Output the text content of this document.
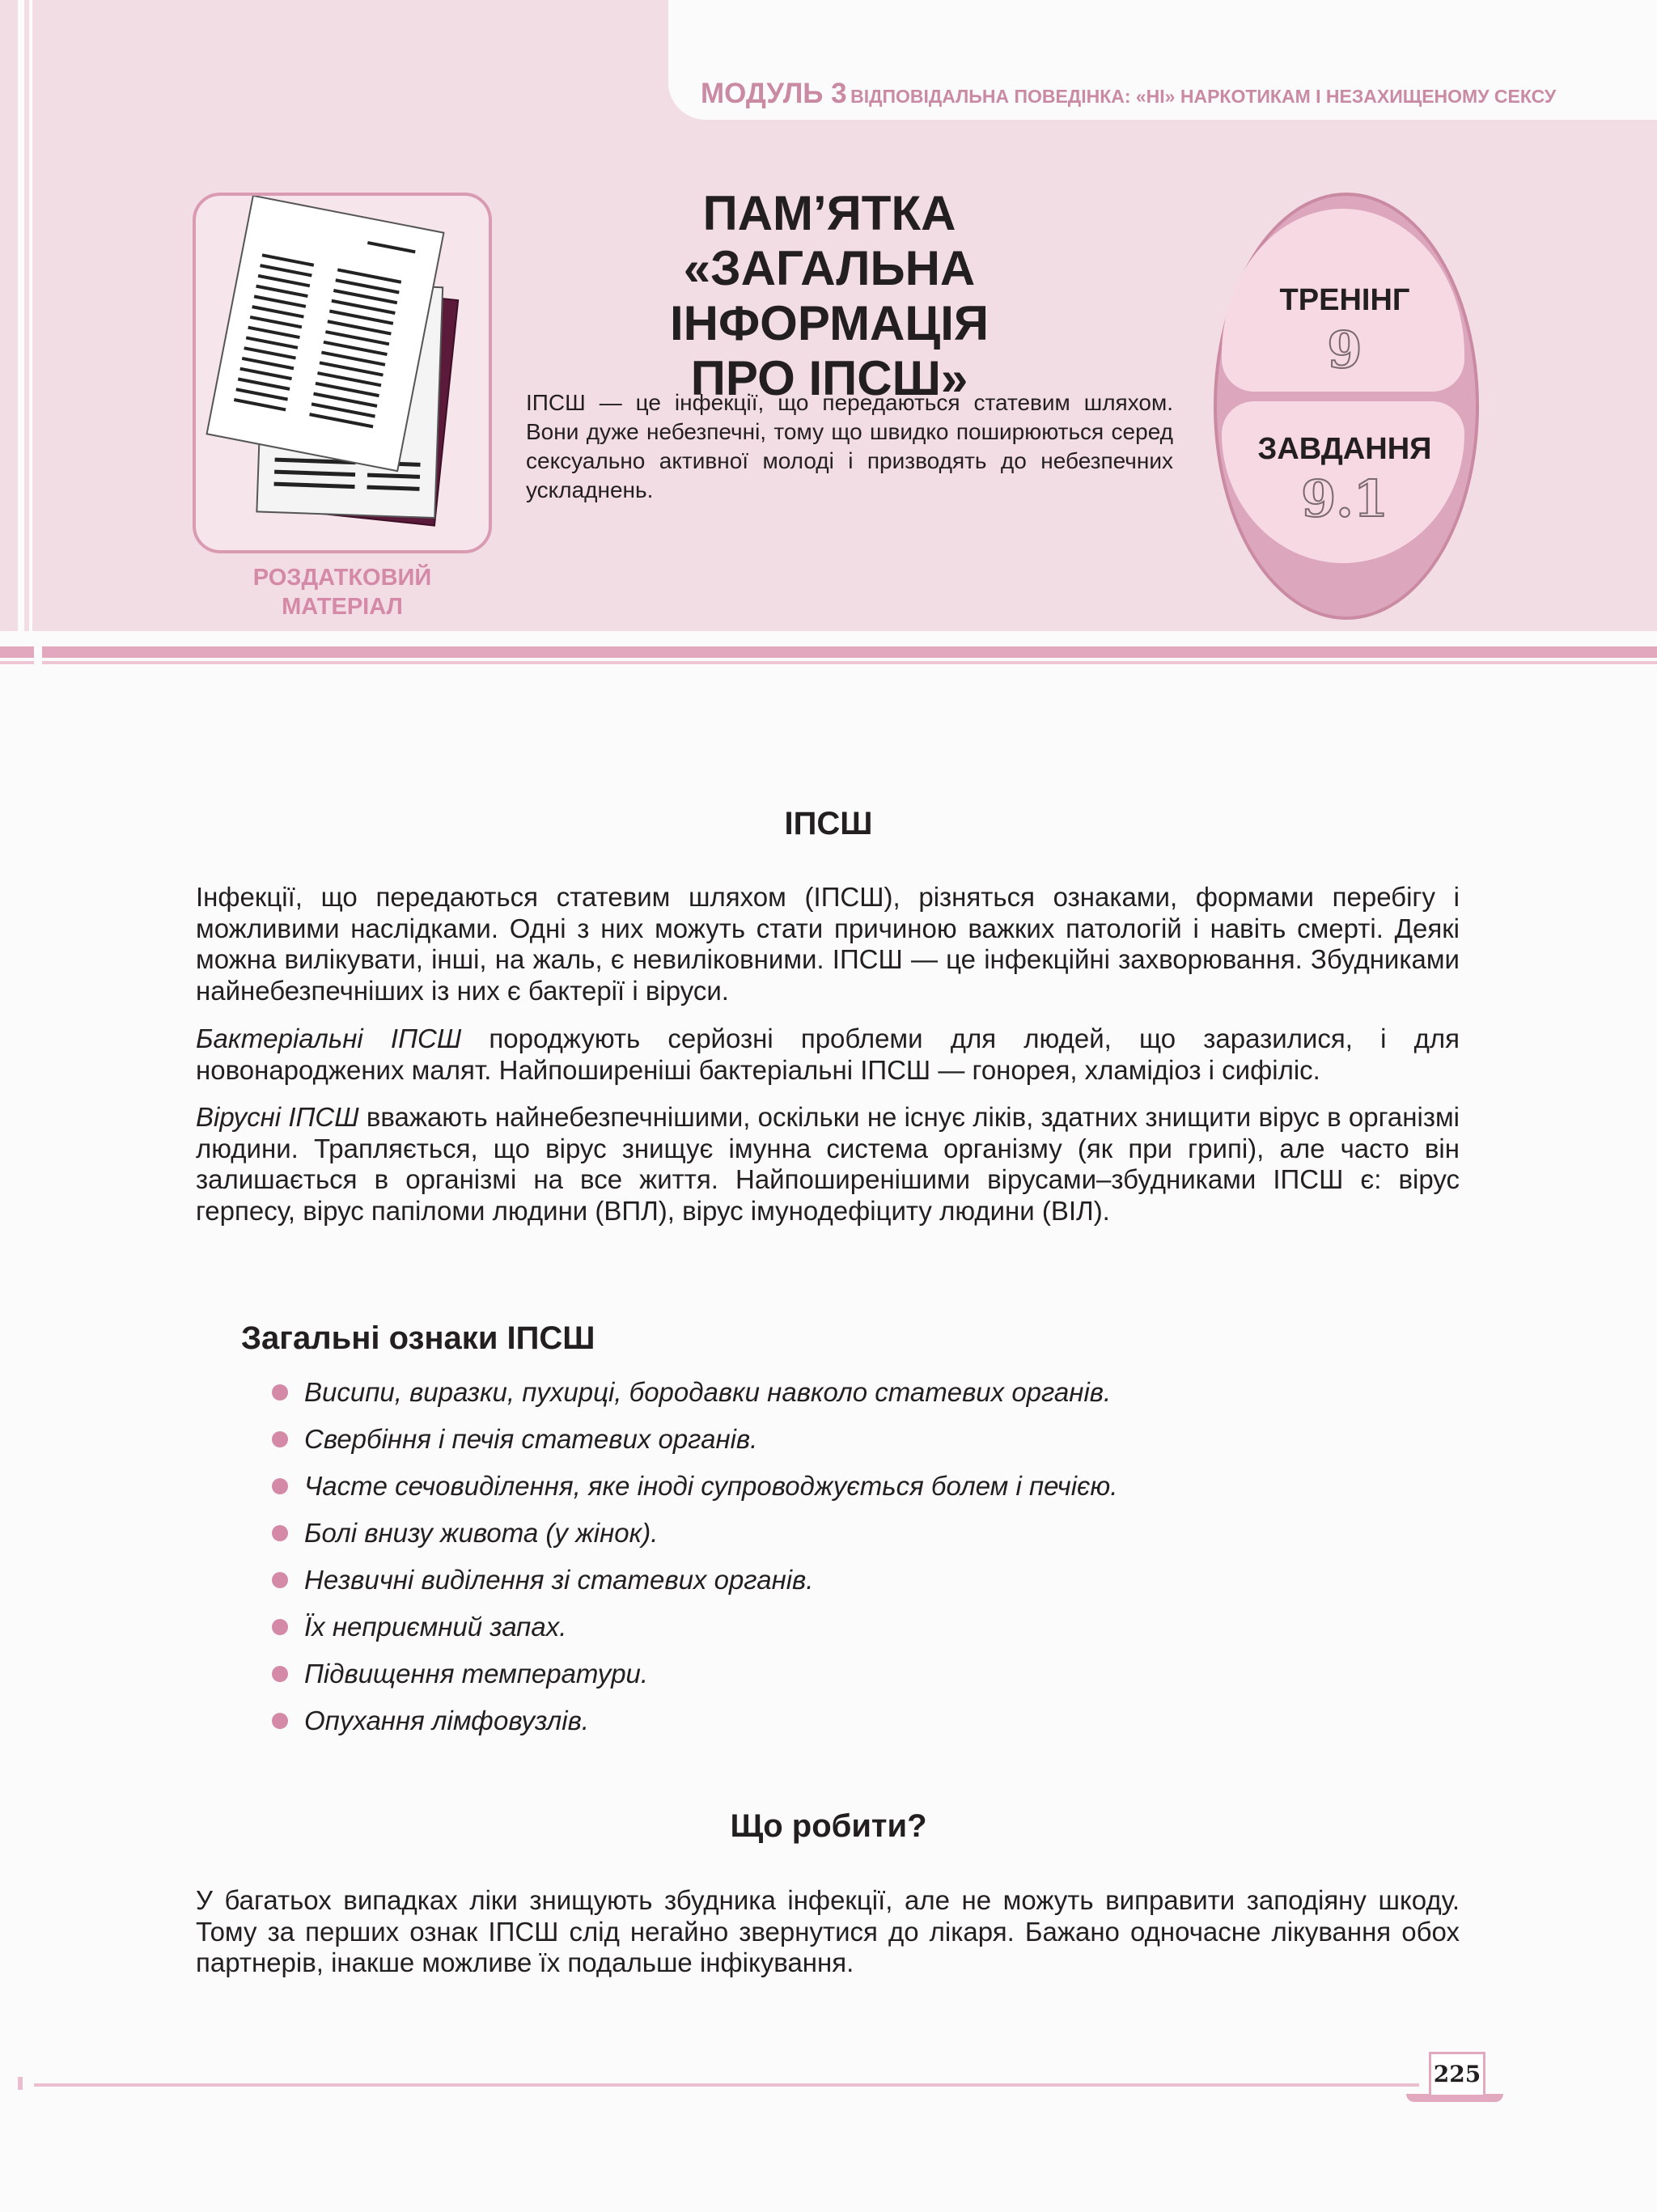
МОДУЛЬ 3 ВІДПОВІДАЛЬНА ПОВЕДІНКА: «НІ» НАРКОТИКАМ І НЕЗАХИЩЕНОМУ СЕКСУ
РОЗДАТКОВИЙ
МАТЕРІАЛ
ПАМ’ЯТКА
«ЗАГАЛЬНА ІНФОРМАЦІЯ
ПРО ІПСШ»

ІПСШ — це інфекції, що передаються статевим шляхом. Вони дуже небезпечні, тому що швидко поширюються серед сексуально активної молоді і призводять до небезпечних ускладнень.

ТРЕНІНГ
9
ЗАВДАННЯ
9.1
ІПСШ

Інфекції, що передаються статевим шляхом (ІПСШ), різняться ознаками, формами перебігу і можливими наслідками. Одні з них можуть стати причиною важких патологій і навіть смерті. Деякі можна вилікувати, інші, на жаль, є невиліковними. ІПСШ — це інфекційні захворювання. Збудниками найнебезпечніших із них є бактерії і віруси.

Бактеріальні ІПСШ породжують серйозні проблеми для людей, що заразилися, і для новонароджених малят. Найпоширеніші бактеріальні ІПСШ — гонорея, хламідіоз і сифіліс.

Вірусні ІПСШ вважають найнебезпечнішими, оскільки не існує ліків, здатних знищити вірус в організмі людини. Трапляється, що вірус знищує імунна система організму (як при грипі), але часто він залишається в організмі на все життя. Найпоширенішими вірусами–збудниками ІПСШ є: вірус герпесу, вірус папіломи людини (ВПЛ), вірус імунодефіциту людини (ВІЛ).

Загальні ознаки ІПСШ
Висипи, виразки, пухирці, бородавки навколо статевих органів.
Свербіння і печія статевих органів.
Часте сечовиділення, яке іноді супроводжується болем і печією.
Болі внизу живота (у жінок).
Незвичні виділення зі статевих органів.
Їх неприємний запах.
Підвищення температури.
Опухання лімфовузлів.
Що робити?

У багатьох випадках ліки знищують збудника інфекції, але не можуть виправити заподіяну шкоду. Тому за перших ознак ІПСШ слід негайно звернутися до лікаря. Бажано одночасне лікування обох партнерів, інакше можливе їх подальше інфікування.

225
